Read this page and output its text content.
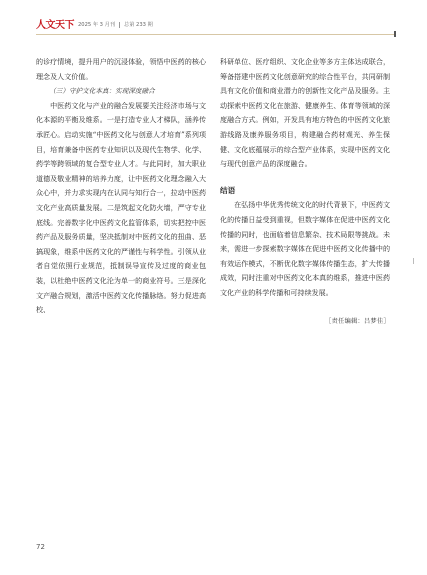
人文天下 2025 年 3 月刊 总第 233 期

的诊疗情境，提升用户的沉浸体验，领悟中医药的核心理念及人文价值。

（三）守护文化本真：实现深度融合

中医药文化与产业的融合发展要关注经济市场与文化本源的平衡及维系。一是打造专业人才梯队，涵养传承匠心。启动实施“中医药文化与创意人才培育”系列项目，培育兼备中医药专业知识以及现代生物学、化学、药学等跨领域的复合型专业人才。与此同时，加大职业道德及敬业精神的培养力度，让中医药文化理念融入大众心中，并力求实现内在认同与知行合一，拉动中医药文化产业高质量发展。二是筑起文化防火墙，严守专业底线。完善数字化中医药文化监管体系，切实把控中医药产品及服务质量，坚决抵制对中医药文化的扭曲、恶搞现象，维系中医药文化的严谨性与科学性。引领从业者自觉依照行业规范，抵制误导宣传及过度的商业包装，以杜绝中医药文化沦为单一的商业符号。三是深化文产融合规划，激活中医药文化传播脉络。努力促进高校、

科研单位、医疗组织、文化企业等多方主体达成联合，筹备搭建中医药文化创意研究的综合性平台，共同研制具有文化价值和商业潜力的创新性文化产品及服务。主动探索中医药文化在旅游、健康养生、体育等领域的深度融合方式。例如，开发具有地方特色的中医药文化旅游线路及康养服务项目，构建融合药材观光、养生保健、文化底蕴展示的综合型产业体系，实现中医药文化与现代创意产品的深度融合。

结语

在弘扬中华优秀传统文化的时代背景下，中医药文化的传播日益受到重视，但数字媒体在促进中医药文化传播的同时，也面临着信息繁杂、技术局限等挑战。未来，需进一步探索数字媒体在促进中医药文化传播中的有效运作模式，不断优化数字媒体传播生态，扩大传播成效，同时注重对中医药文化本真的维系，推进中医药文化产业的科学传播和可持续发展。

［责任编辑：吕梦佳］

72
